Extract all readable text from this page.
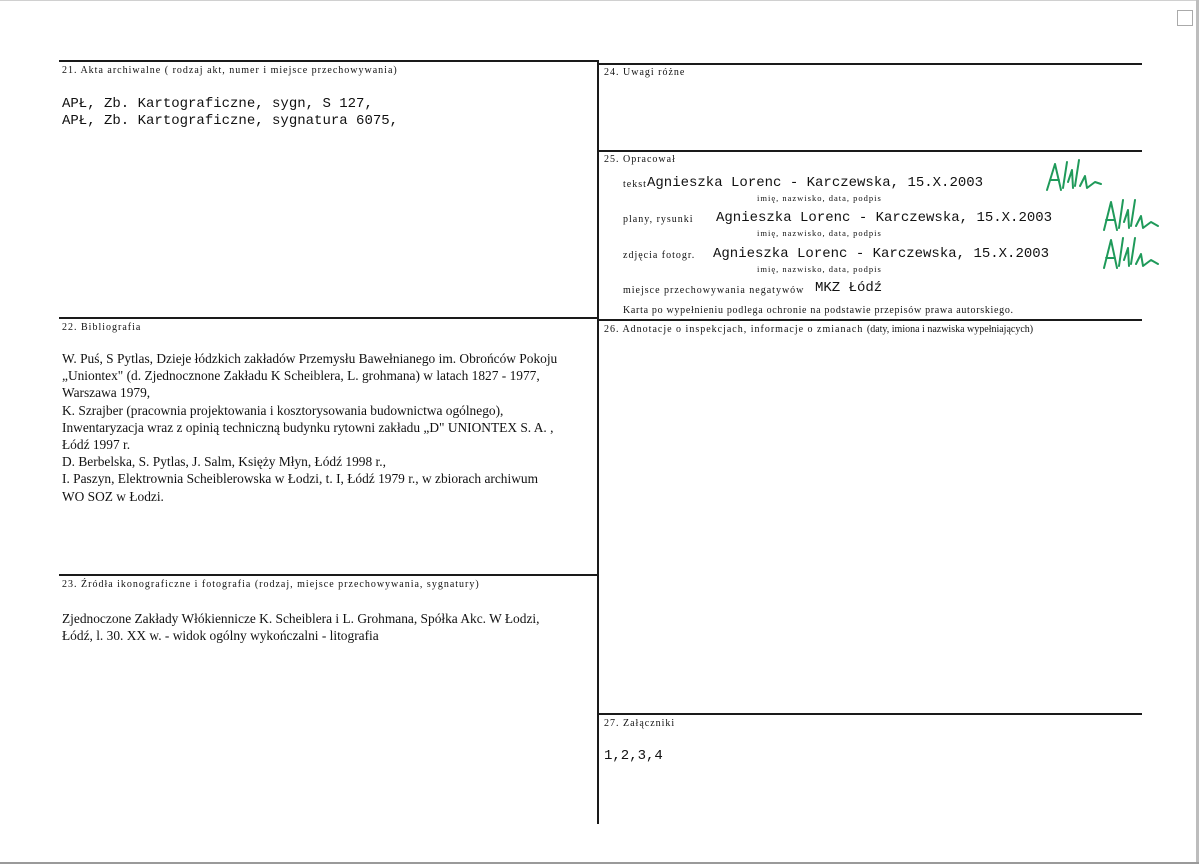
21. Akta archiwalne ( rodzaj akt, numer i miejsce przechowywania)
APŁ, Zb. Kartograficzne, sygn, S 127,
APŁ, Zb. Kartograficzne, sygnatura 6075,
22. Bibliografia
W. Puś, S Pytlas, Dzieje łódzkich zakładów Przemysłu Bawełnianego im. Obrońców Pokoju
„Uniontex" (d. Zjednocznone Zakładu K Scheiblera, L. grohmana) w latach 1827 - 1977,
Warszawa 1979,
K. Szrajber (pracownia projektowania i kosztorysowania budownictwa ogólnego),
Inwentaryzacja wraz z opinią techniczną budynku rytowni zakładu „D" UNIONTEX S. A. ,
Łódź 1997 r.
D. Berbelska, S. Pytlas, J. Salm, Księży Młyn, Łódź 1998 r.,
I. Paszyn, Elektrownia Scheiblerowska w Łodzi, t. I, Łódź 1979 r., w zbiorach archiwum
WO SOZ w Łodzi.
23. Źródła ikonograficzne i fotografia (rodzaj, miejsce przechowywania, sygnatury)
Zjednoczone Zakłady Włókiennicze K. Scheiblera i L. Grohmana, Spółka Akc. W Łodzi,
Łódź, l. 30. XX w. - widok ogólny wykończalni - litografia
24. Uwagi różne
25. Opracował
tekst Agnieszka Lorenc - Karczewska, 15.X.2003
imię, nazwisko, data, podpis
plany, rysunki Agnieszka Lorenc - Karczewska, 15.X.2003
imię, nazwisko, data, podpis
zdjęcia fotogr. Agnieszka Lorenc - Karczewska, 15.X.2003
imię, nazwisko, data, podpis
miejsce przechowywania negatywów MKZ Łódź
Karta po wypełnieniu podlega ochronie na podstawie przepisów prawa autorskiego.
26. Adnotacje o inspekcjach, informacje o zmianach (daty, imiona i nazwiska wypełniających)
27. Załączniki
1,2,3,4
